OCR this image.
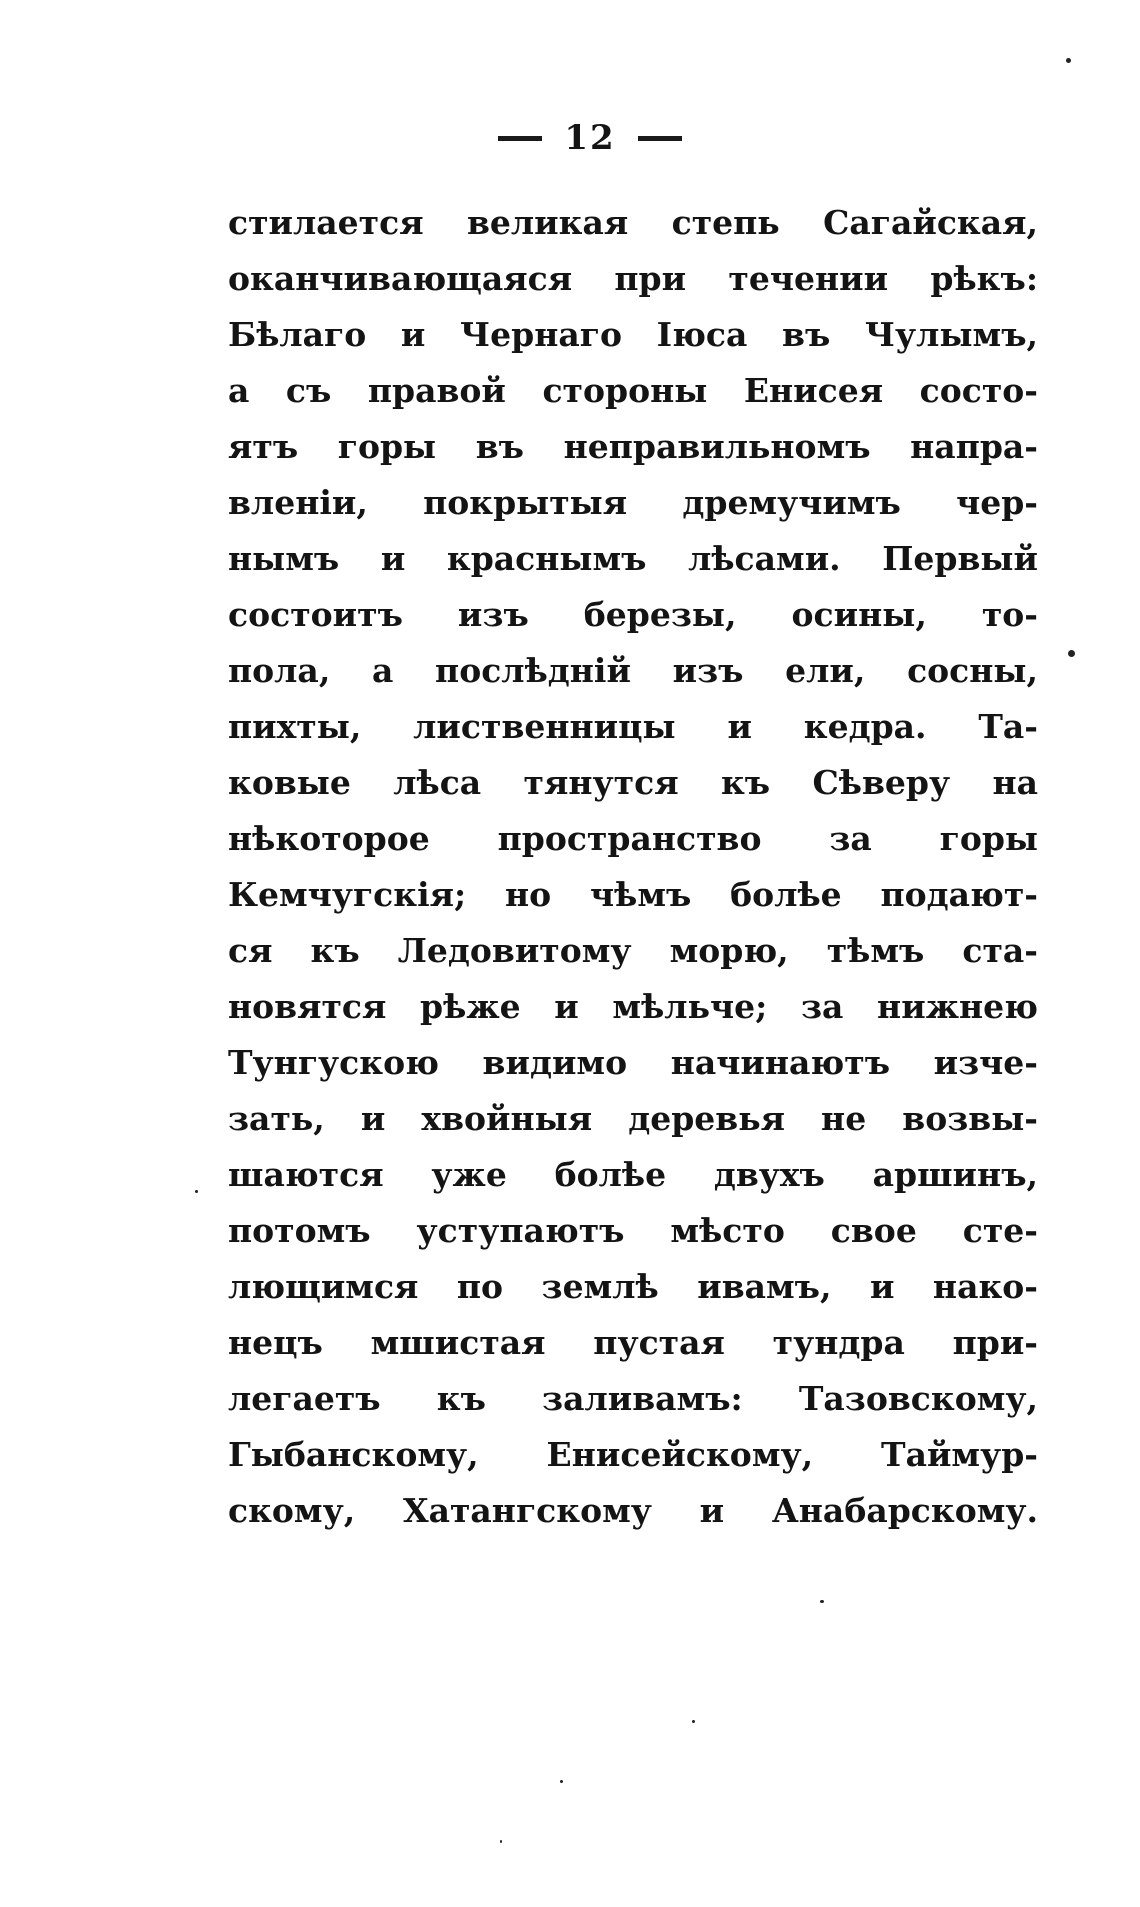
12
стилается великая степь Сагайская,
оканчивающаяся при течении рѣкъ:
Бѣлаго и Чернаго Іюса въ Чулымъ,
а съ правой стороны Енисея состо-
ятъ горы въ неправильномъ напра-
вленіи, покрытыя дремучимъ чер-
нымъ и краснымъ лѣсами. Первый
состоитъ изъ березы, осины, то-
пола, а послѣдній изъ ели, сосны,
пихты, лиственницы и кедра. Та-
ковые лѣса тянутся къ Сѣверу на
нѣкоторое пространство за горы
Кемчугскія; но чѣмъ болѣе подают-
ся къ Ледовитому морю, тѣмъ ста-
новятся рѣже и мѣльче; за нижнею
Тунгускою видимо начинаютъ изче-
зать, и хвойныя деревья не возвы-
шаются уже болѣе двухъ аршинъ,
потомъ уступаютъ мѣсто свое сте-
лющимся по землѣ ивамъ, и нако-
нецъ мшистая пустая тундра при-
легаетъ къ заливамъ: Тазовскому,
Гыбанскому, Енисейскому, Таймур-
скому, Хатангскому и Анабарскому.
